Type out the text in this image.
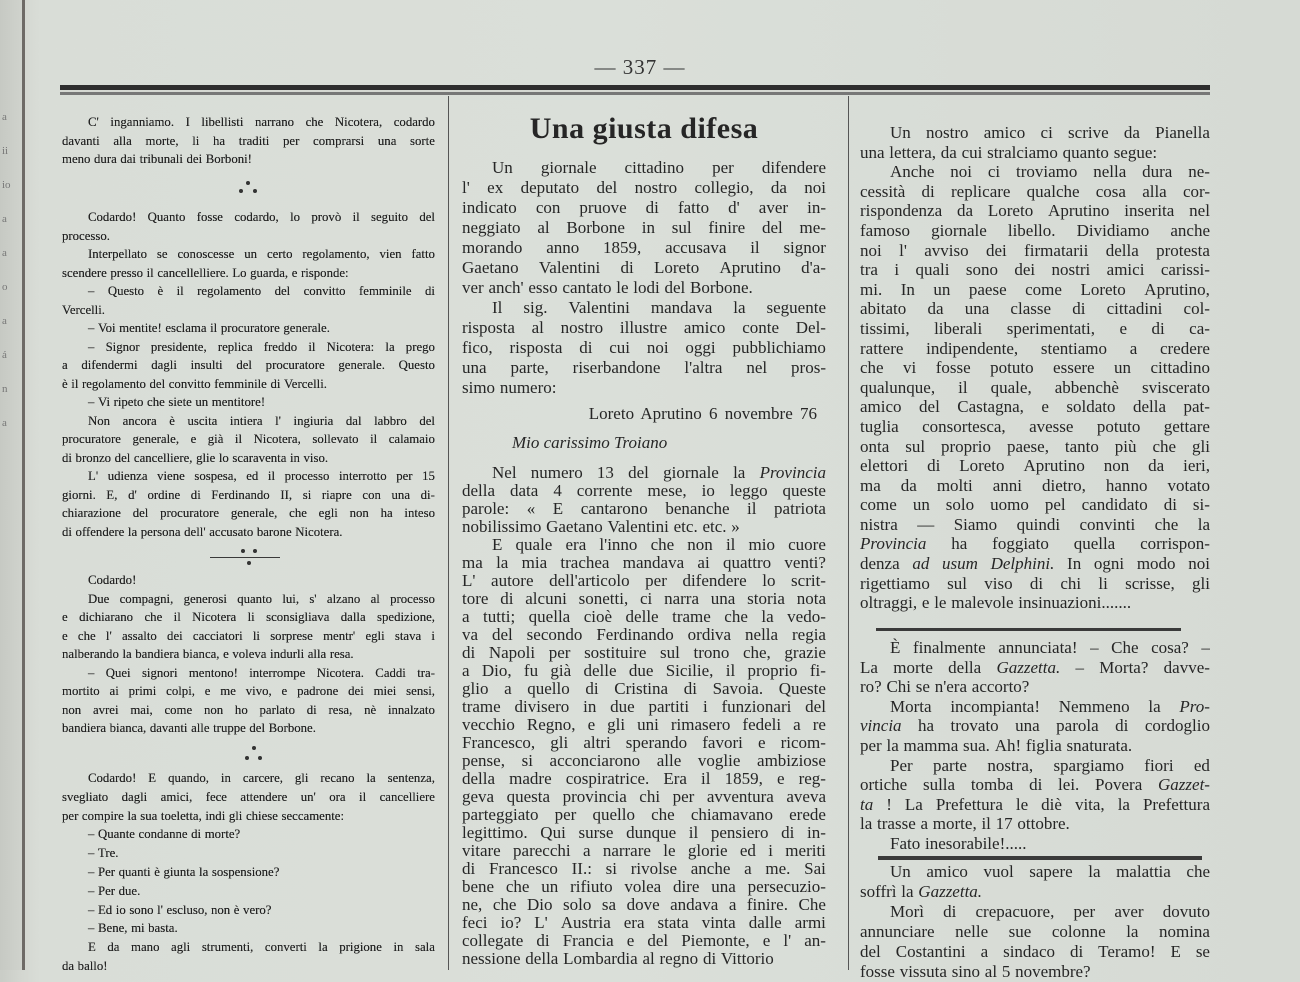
a
ii
io
a
a
o
a
á
n
a
— 337 —
C' inganniamo. I libellisti narrano che Nicotera, codardo
davanti alla morte, li ha traditi per comprarsi una sorte
meno dura dai tribunali dei Borboni!
Codardo! Quanto fosse codardo, lo provò il seguito del
processo.
Interpellato se conoscesse un certo regolamento, vien fatto
scendere presso il cancellelliere. Lo guarda, e risponde:
– Questo è il regolamento del convitto femminile di
Vercelli.
– Voi mentite! esclama il procuratore generale.
– Signor presidente, replica freddo il Nicotera: la prego
a difendermi dagli insulti del procuratore generale. Questo
è il regolamento del convitto femminile di Vercelli.
– Vi ripeto che siete un mentitore!
Non ancora è uscita intiera l' ingiuria dal labbro del
procuratore generale, e già il Nicotera, sollevato il calamaio
di bronzo del cancelliere, glie lo scaraventa in viso.
L' udienza viene sospesa, ed il processo interrotto per 15
giorni. E, d' ordine di Ferdinando II, si riapre con una di-
chiarazione del procuratore generale, che egli non ha inteso
di offendere la persona dell' accusato barone Nicotera.
Codardo!
Due compagni, generosi quanto lui, s' alzano al processo
e dichiarano che il Nicotera li sconsigliava dalla spedizione,
e che l' assalto dei cacciatori li sorprese mentr' egli stava i
nalberando la bandiera bianca, e voleva indurli alla resa.
– Quei signori mentono! interrompe Nicotera. Caddi tra-
mortito ai primi colpi, e me vivo, e padrone dei miei sensi,
non avrei mai, come non ho parlato di resa, nè innalzato
bandiera bianca, davanti alle truppe del Borbone.
Codardo! E quando, in carcere, gli recano la sentenza,
svegliato dagli amici, fece attendere un' ora il cancelliere
per compire la sua toeletta, indi gli chiese seccamente:
– Quante condanne di morte?
– Tre.
– Per quanti è giunta la sospensione?
– Per due.
– Ed io sono l' escluso, non è vero?
– Bene, mi basta.
E da mano agli strumenti, converti la prigione in sala
da ballo!
Una giusta difesa
Un giornale cittadino per difendere
l' ex deputato del nostro collegio, da noi
indicato con pruove di fatto d' aver in-
neggiato al Borbone in sul finire del me-
morando anno 1859, accusava il signor
Gaetano Valentini di Loreto Aprutino d'a-
ver anch' esso cantato le lodi del Borbone.
Il sig. Valentini mandava la seguente
risposta al nostro illustre amico conte Del-
fico, risposta di cui noi oggi pubblichiamo
una parte, riserbandone l'altra nel pros-
simo numero:
Loreto Aprutino 6 novembre 76
Mio carissimo Troiano
Nel numero 13 del giornale la Provincia
della data 4 corrente mese, io leggo queste
parole: « E cantarono benanche il patriota
nobilissimo Gaetano Valentini etc. etc. »
E quale era l'inno che non il mio cuore
ma la mia trachea mandava ai quattro venti?
L' autore dell'articolo per difendere lo scrit-
tore di alcuni sonetti, ci narra una storia nota
a tutti; quella cioè delle trame che la vedo-
va del secondo Ferdinando ordiva nella regia
di Napoli per sostituire sul trono che, grazie
a Dio, fu già delle due Sicilie, il proprio fi-
glio a quello di Cristina di Savoia. Queste
trame divisero in due partiti i funzionari del
vecchio Regno, e gli uni rimasero fedeli a re
Francesco, gli altri sperando favori e ricom-
pense, si acconciarono alle voglie ambiziose
della madre cospiratrice. Era il 1859, e reg-
geva questa provincia chi per avventura aveva
parteggiato per quello che chiamavano erede
legittimo. Qui surse dunque il pensiero di in-
vitare parecchi a narrare le glorie ed i meriti
di Francesco II.: si rivolse anche a me. Sai
bene che un rifiuto volea dire una persecuzio-
ne, che Dio solo sa dove andava a finire. Che
feci io? L' Austria era stata vinta dalle armi
collegate di Francia e del Piemonte, e l' an-
nessione della Lombardia al regno di Vittorio
Un nostro amico ci scrive da Pianella
una lettera, da cui stralciamo quanto segue:
Anche noi ci troviamo nella dura ne-
cessità di replicare qualche cosa alla cor-
rispondenza da Loreto Aprutino inserita nel
famoso giornale libello. Dividiamo anche
noi l' avviso dei firmatarii della protesta
tra i quali sono dei nostri amici carissi-
mi. In un paese come Loreto Aprutino,
abitato da una classe di cittadini col-
tissimi, liberali sperimentati, e di ca-
rattere indipendente, stentiamo a credere
che vi fosse potuto essere un cittadino
qualunque, il quale, abbenchè sviscerato
amico del Castagna, e soldato della pat-
tuglia consortesca, avesse potuto gettare
onta sul proprio paese, tanto più che gli
elettori di Loreto Aprutino non da ieri,
ma da molti anni dietro, hanno votato
come un solo uomo pel candidato di si-
nistra — Siamo quindi convinti che la
Provincia ha foggiato quella corrispon-
denza ad usum Delphini. In ogni modo noi
rigettiamo sul viso di chi li scrisse, gli
oltraggi, e le malevole insinuazioni.......
È finalmente annunciata! – Che cosa? –
La morte della Gazzetta. – Morta? davve-
ro? Chi se n'era accorto?
Morta incompianta! Nemmeno la Pro-
vincia ha trovato una parola di cordoglio
per la mamma sua. Ah! figlia snaturata.
Per parte nostra, spargiamo fiori ed
ortiche sulla tomba di lei. Povera Gazzet-
ta ! La Prefettura le diè vita, la Prefettura
la trasse a morte, il 17 ottobre.
Fato inesorabile!.....
Un amico vuol sapere la malattia che
soffrì la Gazzetta.
Morì di crepacuore, per aver dovuto
annunciare nelle sue colonne la nomina
del Costantini a sindaco di Teramo! E se
fosse vissuta sino al 5 novembre?
